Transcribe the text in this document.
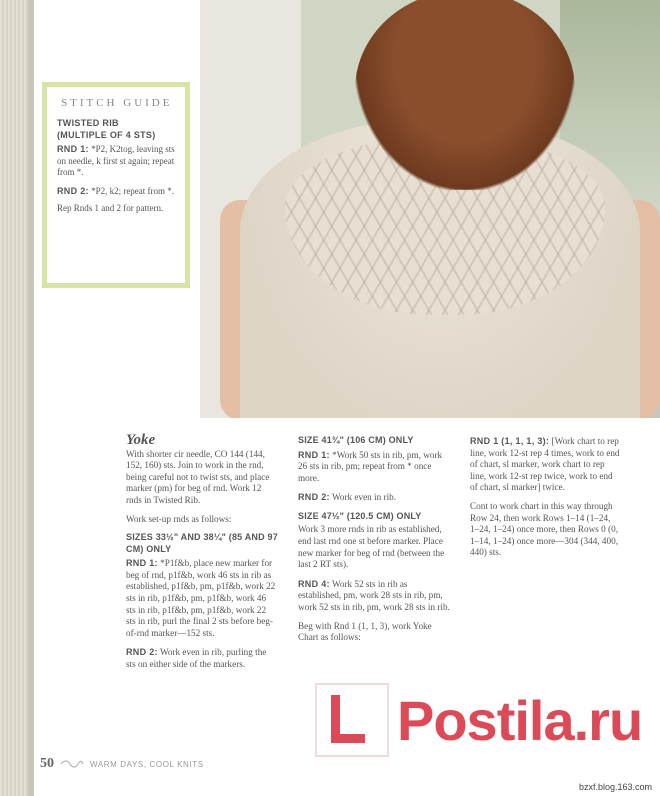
STITCH GUIDE
TWISTED RIB
(MULTIPLE OF 4 STS)

RND 1: *P2, K2tog, leaving sts on needle, k first st again; repeat from *.

RND 2: *P2, k2; repeat from *.

Rep Rnds 1 and 2 for pattern.

Yoke

With shorter cir needle, CO 144 (144, 152, 160) sts. Join to work in the rnd, being careful not to twist sts, and place marker (pm) for beg of rnd. Work 12 rnds in Twisted Rib.

Work set-up rnds as follows:

SIZES 33½" AND 38¼" (85 AND 97 CM) ONLY

RND 1: *P1f&b, place new marker for beg of rnd, p1f&b, work 46 sts in rib as established, p1f&b, pm, p1f&b, work 22 sts in rib, p1f&b, pm, p1f&b, work 46 sts in rib, p1f&b, pm, p1f&b, work 22 sts in rib, purl the final 2 sts before beg-of-rnd marker—152 sts.

RND 2: Work even in rib, purling the sts on either side of the markers.

SIZE 41¾" (106 CM) ONLY

RND 1: *Work 50 sts in rib, pm, work 26 sts in rib, pm; repeat from * once more.

RND 2: Work even in rib.

SIZE 47½" (120.5 CM) ONLY

Work 3 more rnds in rib as established, end last rnd one st before marker. Place new marker for beg of rnd (between the last 2 RT sts).

RND 4: Work 52 sts in rib as established, pm, work 28 sts in rib, pm, work 52 sts in rib, pm, work 28 sts in rib.

Beg with Rnd 1 (1, 1, 3), work Yoke Chart as follows:

RND 1 (1, 1, 1, 3): [Work chart to rep line, work 12-st rep 4 times, work to end of chart, sl marker, work chart to rep line, work 12-st rep twice, work to end of chart, sl marker] twice.

Cont to work chart in this way through Row 24, then work Rows 1–14 (1–24, 1–24, 1–24) once more, then Rows 0 (0, 1–14, 1–24) once more—304 (344, 400, 440) sts.

50	WARM DAYS, COOL KNITS
Postila.ru
bzxf.blog.163.com
